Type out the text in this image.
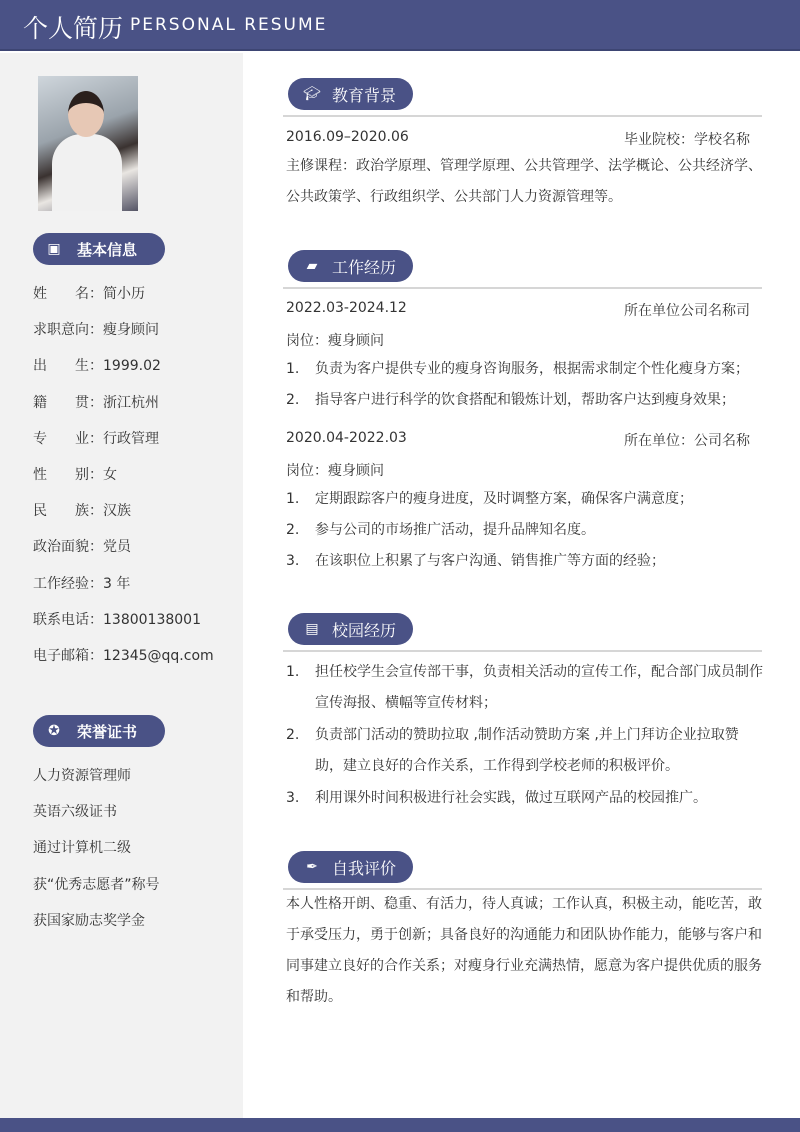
个人简历 PERSONAL RESUME
▣ 基本信息
姓　　名：简小历
求职意向：瘦身顾问
出　　生：1999.02
籍　　贯：浙江杭州
专　　业：行政管理
性　　别：女
民　　族：汉族
政治面貌：党员
工作经验：3 年
联系电话：13800138001
电子邮箱：12345@qq.com
✪ 荣誉证书
人力资源管理师
英语六级证书
通过计算机二级
获“优秀志愿者”称号
获国家励志奖学金
🎓︎ 教育背景
2016.09–2020.06	毕业院校：学校名称
主修课程：政治学原理、管理学原理、公共管理学、法学概论、公共经济学、公共政策学、行政组织学、公共部门人力资源管理等。
▰ 工作经历
2022.03-2024.12	所在单位公司名称司
岗位：瘦身顾问
1. 负责为客户提供专业的瘦身咨询服务，根据需求制定个性化瘦身方案；
2. 指导客户进行科学的饮食搭配和锻炼计划，帮助客户达到瘦身效果；
2020.04-2022.03	所在单位：公司名称
岗位：瘦身顾问
1. 定期跟踪客户的瘦身进度，及时调整方案，确保客户满意度；
2. 参与公司的市场推广活动，提升品牌知名度。
3. 在该职位上积累了与客户沟通、销售推广等方面的经验；
▤ 校园经历
1. 担任校学生会宣传部干事，负责相关活动的宣传工作，配合部门成员制作宣传海报、横幅等宣传材料；
2. 负责部门活动的赞助拉取 ,制作活动赞助方案 ,并上门拜访企业拉取赞助，建立良好的合作关系，工作得到学校老师的积极评价。
3. 利用课外时间积极进行社会实践，做过互联网产品的校园推广。
✒ 自我评价
本人性格开朗、稳重、有活力，待人真诚；工作认真，积极主动，能吃苦，敢于承受压力，勇于创新；具备良好的沟通能力和团队协作能力，能够与客户和同事建立良好的合作关系；对瘦身行业充满热情，愿意为客户提供优质的服务和帮助。
